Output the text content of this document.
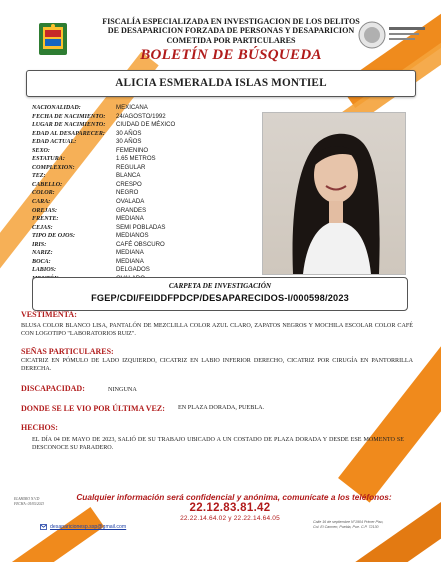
FISCALÍA ESPECIALIZADA EN INVESTIGACION DE LOS DELITOS
DE DESAPARICION FORZADA DE PERSONAS Y DESAPARICION
COMETIDA POR PARTICULARES
BOLETÍN DE BÚSQUEDA
ALICIA ESMERALDA ISLAS MONTIEL
NACIONALIDAD:	MEXICANA
FECHA DE NACIMIENTO:	24/AGOSTO/1992
LUGAR DE NACIMIENTO:	CIUDAD DE MÉXICO
EDAD AL DESAPARECER:	30 AÑOS
EDAD ACTUAL:	30 AÑOS
SEXO:	FEMENINO
ESTATURA:	1.65 METROS
COMPLEXION:	REGULAR
TEZ:	BLANCA
CABELLO:	CRESPO
COLOR:	NEGRO
CARA:	OVALADA
OREJAS:	GRANDES
FRENTE:	MEDIANA
CEJAS:	SEMI POBLADAS
TIPO DE OJOS:	MEDIANOS
IRIS:	CAFÉ OBSCURO
NARIZ:	MEDIANA
BOCA:	MEDIANA
LABIOS:	DELGADOS
CARPETA DE INVESTIGACIÓN
FGEP/CDI/FEIDDFPDCP/DESAPARECIDOS-I/000598/2023
VESTIMENTA:
BLUSA COLOR BLANCO LISA, PANTALÓN DE MEZCLILLA COLOR AZUL CLARO, ZAPATOS NEGROS Y MOCHILA ESCOLAR COLOR CAFÉ CON LOGOTIPO "LABORATORIOS RUIZ".
SEÑAS PARTICULARES:
CICATRIZ EN PÓMULO DE LADO IZQUIERDO, CICATRIZ EN LABIO INFERIOR DERECHO, CICATRIZ POR CIRUGÍA EN PANTORRILLA DERECHA.
DISCAPACIDAD:	NINGUNA
DONDE SE LE VIO POR ÚLTIMA VEZ: EN PLAZA DORADA, PUEBLA.
HECHOS:
EL DÍA 04 DE MAYO DE 2023, SALIÓ DE SU TRABAJO UBICADO A UN COSTADO DE PLAZA DORADA Y DESDE ESE MOMENTO SE DESCONOCE SU PARADERO.
ELABORO N.V.D
FECHA: 05/05/2023
Cualquier información será confidencial y anónima, comunícate a los teléfonos:
22.12.83.81.42
22.22.14.64.02 y 22.22.14.64.05
desaparicionesp.ssp@gmail.com
Calle 16 de septiembre N°1904 Primer Piso,
Col. El Carmen, Puebla, Pue. C.P. 72130
